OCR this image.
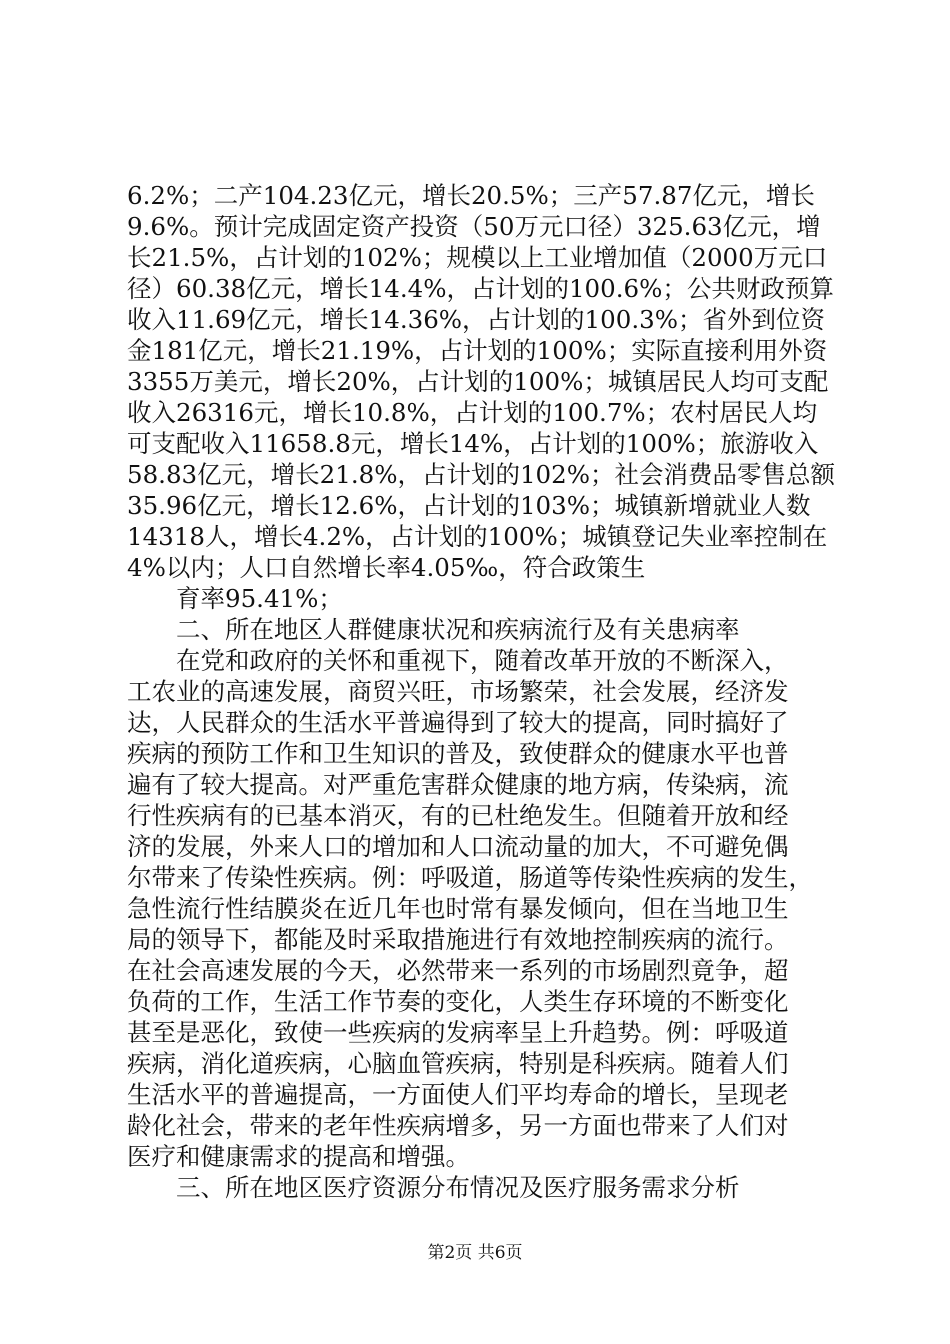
6.2%；二产104.23亿元，增长20.5%；三产57.87亿元，增长
9.6%。预计完成固定资产投资（50万元口径）325.63亿元，增
长21.5%，占计划的102%；规模以上工业增加值（2000万元口
径）60.38亿元，增长14.4%，占计划的100.6%；公共财政预算
收入11.69亿元，增长14.36%，占计划的100.3%；省外到位资
金181亿元，增长21.19%，占计划的100%；实际直接利用外资
3355万美元，增长20%，占计划的100%；城镇居民人均可支配
收入26316元，增长10.8%，占计划的100.7%；农村居民人均
可支配收入11658.8元，增长14%，占计划的100%；旅游收入
58.83亿元，增长21.8%，占计划的102%；社会消费品零售总额
35.96亿元，增长12.6%，占计划的103%；城镇新增就业人数
14318人，增长4.2%，占计划的100%；城镇登记失业率控制在
4%以内；人口自然增长率4.05‰，符合政策生
育率95.41%；
二、所在地区人群健康状况和疾病流行及有关患病率
在党和政府的关怀和重视下，随着改革开放的不断深入，
工农业的高速发展，商贸兴旺，市场繁荣，社会发展，经济发
达，人民群众的生活水平普遍得到了较大的提高，同时搞好了
疾病的预防工作和卫生知识的普及，致使群众的健康水平也普
遍有了较大提高。对严重危害群众健康的地方病，传染病，流
行性疾病有的已基本消灭，有的已杜绝发生。但随着开放和经
济的发展，外来人口的增加和人口流动量的加大，不可避免偶
尔带来了传染性疾病。例：呼吸道，肠道等传染性疾病的发生，
急性流行性结膜炎在近几年也时常有暴发倾向，但在当地卫生
局的领导下，都能及时采取措施进行有效地控制疾病的流行。
在社会高速发展的今天，必然带来一系列的市场剧烈竟争，超
负荷的工作，生活工作节奏的变化，人类生存环境的不断变化
甚至是恶化，致使一些疾病的发病率呈上升趋势。例：呼吸道
疾病，消化道疾病，心脑血管疾病，特别是科疾病。随着人们
生活水平的普遍提高，一方面使人们平均寿命的增长，呈现老
龄化社会，带来的老年性疾病增多，另一方面也带来了人们对
医疗和健康需求的提高和增强。
三、所在地区医疗资源分布情况及医疗服务需求分析
第2页 共6页
